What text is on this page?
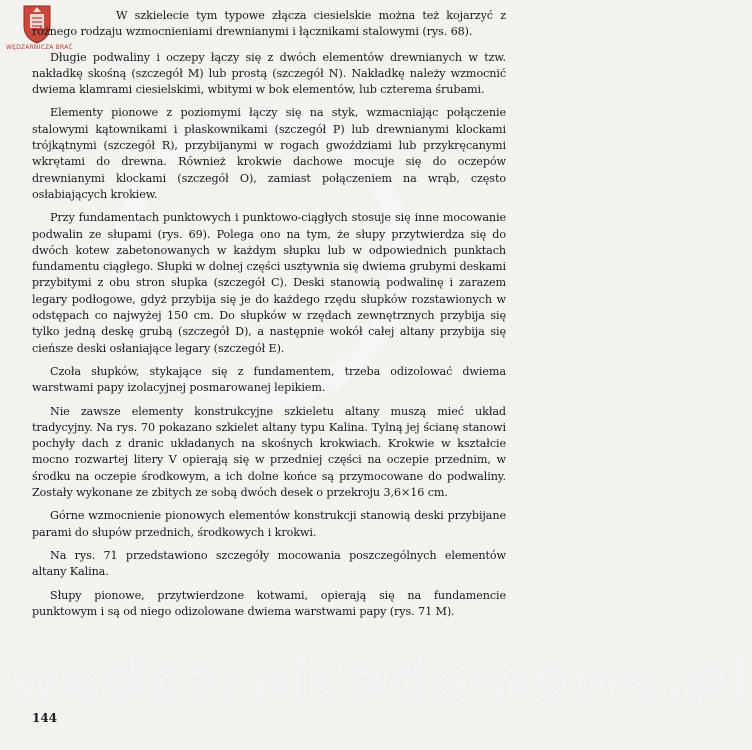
WĘDZARNICZA BRAĆ

W szkielecie tym typowe złącza ciesielskie można też kojarzyć z różnego rodzaju wzmocnieniami drewnianymi i łącznikami stalowymi (rys. 68).

Długie podwaliny i oczepy łączy się z dwóch elementów drewnianych w tzw. nakładkę skośną (szczegół M) lub prostą (szczegół N). Nakładkę należy wzmocnić dwiema klamrami ciesielskimi, wbitymi w bok elementów, lub czterema śrubami.

Elementy pionowe z poziomymi łączy się na styk, wzmacniając połączenie stalowymi kątownikami i płaskownikami (szczegół P) lub drewnianymi klockami trójkątnymi (szczegół R), przybijanymi w rogach gwoździami lub przykręcanymi wkrętami do drewna. Również krokwie dachowe mocuje się do oczepów drewnianymi klockami (szczegół O), zamiast połączeniem na wrąb, często osłabiających krokiew.

Przy fundamentach punktowych i punktowo-ciągłych stosuje się inne mocowanie podwalin ze słupami (rys. 69). Polega ono na tym, że słupy przytwierdza się do dwóch kotew zabetonowanych w każdym słupku lub w odpowiednich punktach fundamentu ciągłego. Słupki w dolnej części usztywnia się dwiema grubymi deskami przybitymi z obu stron słupka (szczegół C). Deski stanowią podwalinę i zarazem legary podłogowe, gdyż przybija się je do każdego rzędu słupków rozstawionych w odstępach co najwyżej 150 cm. Do słupków w rzędach zewnętrznych przybija się tylko jedną deskę grubą (szczegół D), a następnie wokół całej altany przybija się cieńsze deski osłaniające legary (szczegół E).

Czoła słupków, stykające się z fundamentem, trzeba odizolować dwiema warstwami papy izolacyjnej posmarowanej lepikiem.

Nie zawsze elementy konstrukcyjne szkieletu altany muszą mieć układ tradycyjny. Na rys. 70 pokazano szkielet altany typu Kalina. Tylną jej ścianę stanowi pochyły dach z dranic układanych na skośnych krokwiach. Krokwie w kształcie mocno rozwartej litery V opierają się w przedniej części na oczepie przednim, w środku na oczepie środkowym, a ich dolne końce są przymocowane do podwaliny. Zostały wykonane ze zbitych ze sobą dwóch desek o przekroju 3,6×16 cm.

Górne wzmocnienie pionowych elementów konstrukcji stanowią deski przybijane parami do słupów przednich, środkowych i krokwi.

Na rys. 71 przedstawiono szczegóły mocowania poszczególnych elementów altany Kalina.

Słupy pionowe, przytwierdzone kotwami, opierają się na fundamencie punktowym i są od niego odizolowane dwiema warstwami papy (rys. 71 M).

wedzarnicadomowe.pl
144
